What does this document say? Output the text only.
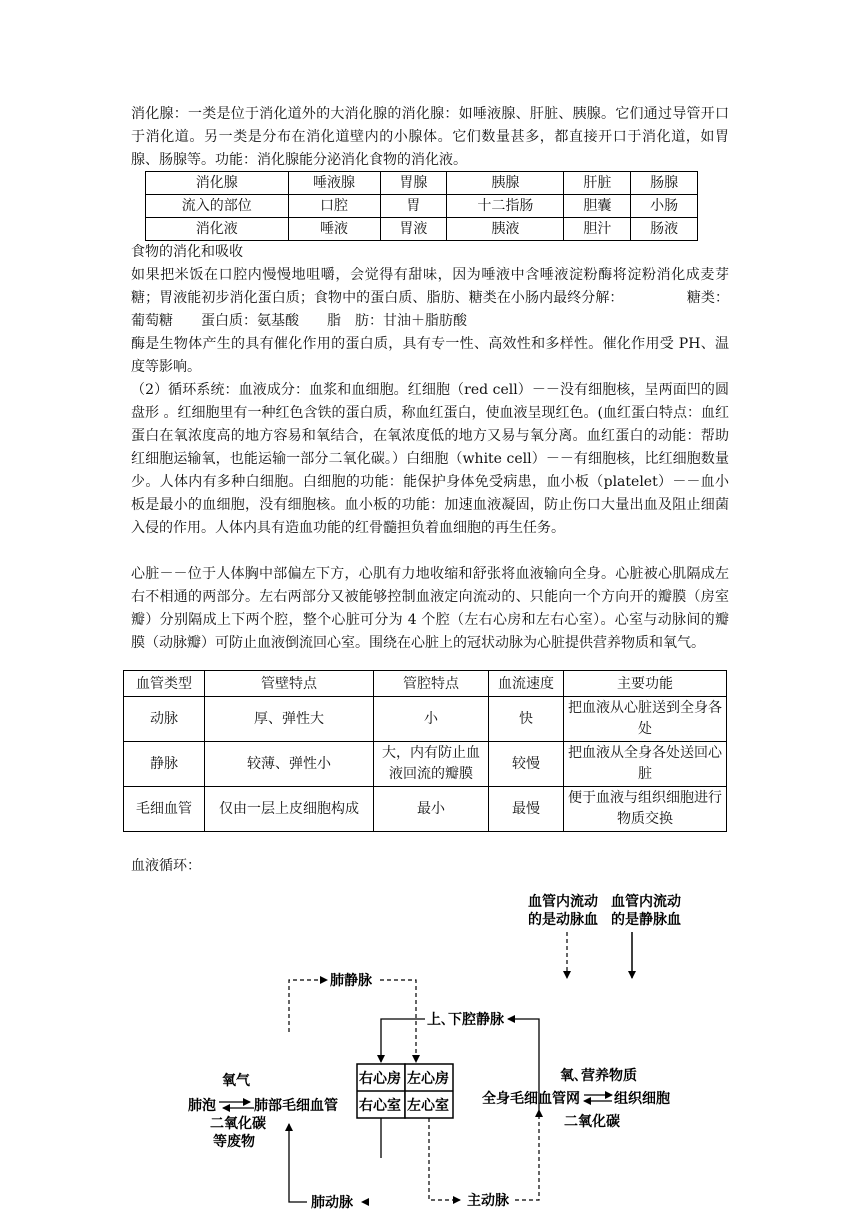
消化腺：一类是位于消化道外的大消化腺的消化腺：如唾液腺、肝脏、胰腺。它们通过导管开口于消化道。另一类是分布在消化道壁内的小腺体。它们数量甚多，都直接开口于消化道，如胃腺、肠腺等。功能：消化腺能分泌消化食物的消化液。

消化腺	唾液腺	胃腺	胰腺	肝脏	肠腺
流入的部位	口腔	胃	十二指肠	胆囊	小肠
消化液	唾液	胃液	胰液	胆汁	肠液

食物的消化和吸收

如果把米饭在口腔内慢慢地咀嚼，会觉得有甜味，因为唾液中含唾液淀粉酶将淀粉消化成麦芽糖；胃液能初步消化蛋白质；食物中的蛋白质、脂肪、糖类在小肠内最终分解：　　　　　糖类：葡萄糖　　蛋白质：氨基酸　　脂　肪：甘油＋脂肪酸

酶是生物体产生的具有催化作用的蛋白质，具有专一性、高效性和多样性。催化作用受 PH、温度等影响。

（2）循环系统：血液成分：血浆和血细胞。红细胞（red cell）－－没有细胞核，呈两面凹的圆盘形 。红细胞里有一种红色含铁的蛋白质，称血红蛋白，使血液呈现红色。(血红蛋白特点：血红蛋白在氧浓度高的地方容易和氧结合，在氧浓度低的地方又易与氧分离。血红蛋白的动能：帮助红细胞运输氧，也能运输一部分二氧化碳。）白细胞（white cell）－－有细胞核，比红细胞数量少。人体内有多种白细胞。白细胞的功能：能保护身体免受病患，血小板（platelet）－－血小板是最小的血细胞，没有细胞核。血小板的功能：加速血液凝固，防止伤口大量出血及阻止细菌入侵的作用。人体内具有造血功能的红骨髓担负着血细胞的再生任务。

心脏－－位于人体胸中部偏左下方，心肌有力地收缩和舒张将血液输向全身。心脏被心肌隔成左右不相通的两部分。左右两部分又被能够控制血液定向流动的、只能向一个方向开的瓣膜（房室瓣）分别隔成上下两个腔，整个心脏可分为 4 个腔（左右心房和左右心室）。心室与动脉间的瓣膜（动脉瓣）可防止血液倒流回心室。围绕在心脏上的冠状动脉为心脏提供营养物质和氧气。

血管类型	管壁特点	管腔特点	血流速度	主要功能
动脉	厚、弹性大	小	快	把血液从心脏送到全身各处
静脉	较薄、弹性小	大，内有防止血液回流的瓣膜	较慢	把血液从全身各处送回心脏
毛细血管	仅由一层上皮细胞构成	最小	最慢	便于血液与组织细胞进行物质交换

血液循环：

血管内流动
的是动脉血
血管内流动
的是静脉血
肺静脉
上､下腔静脉
右心房 左心房
右心室 左心室
氧气
肺泡	肺部毛细血管
二氧化碳
等废物
肺动脉
氧､营养物质
全身毛细血管网 组织细胞
二氧化碳
主动脉
